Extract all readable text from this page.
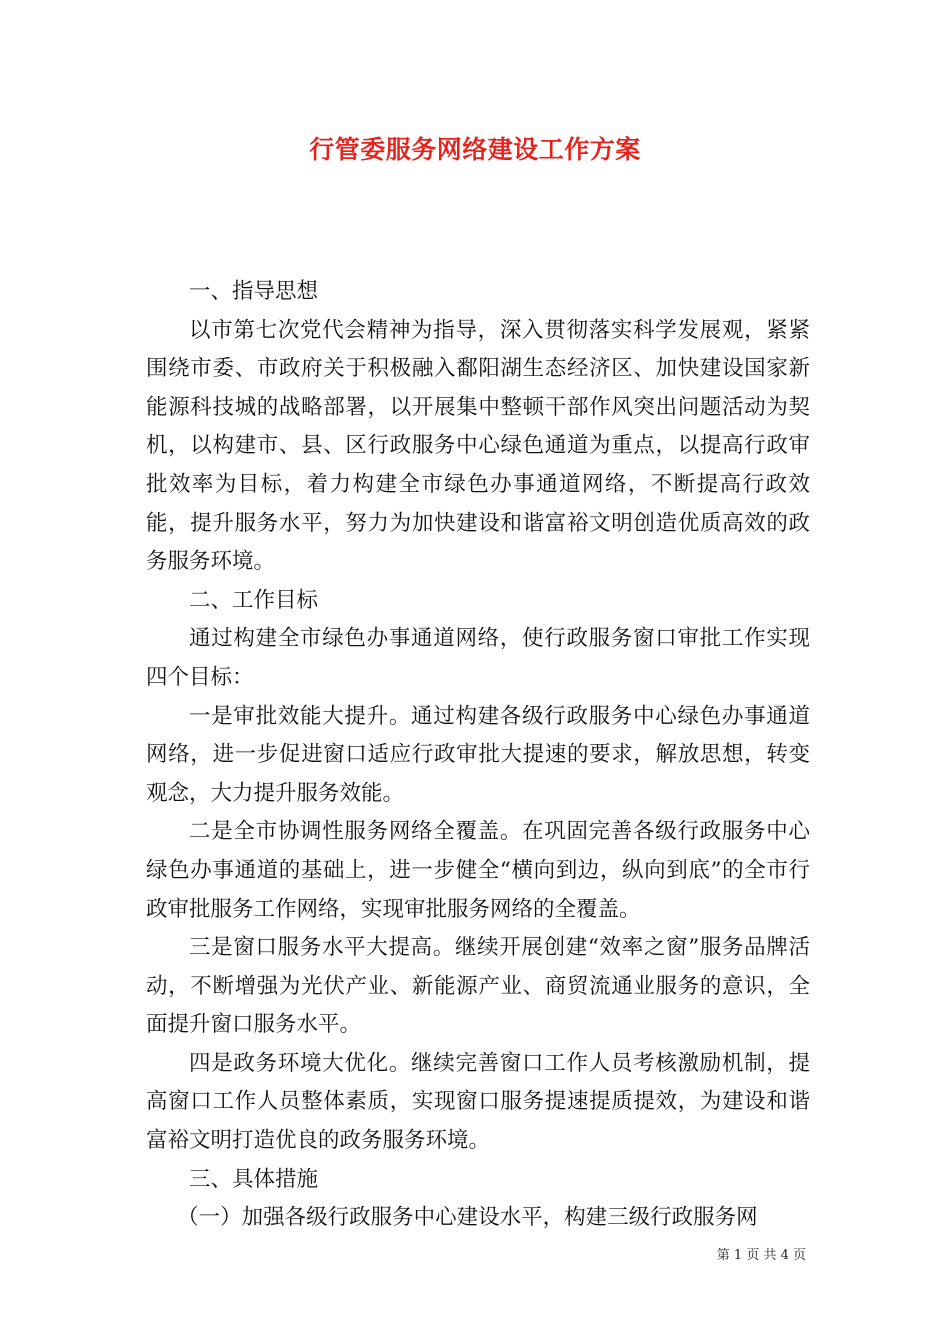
行管委服务网络建设工作方案

一、指导思想

以市第七次党代会精神为指导，深入贯彻落实科学发展观，紧紧围绕市委、市政府关于积极融入鄱阳湖生态经济区、加快建设国家新能源科技城的战略部署，以开展集中整顿干部作风突出问题活动为契机，以构建市、县、区行政服务中心绿色通道为重点，以提高行政审批效率为目标，着力构建全市绿色办事通道网络，不断提高行政效能，提升服务水平，努力为加快建设和谐富裕文明创造优质高效的政务服务环境。

二、工作目标

通过构建全市绿色办事通道网络，使行政服务窗口审批工作实现四个目标：

一是审批效能大提升。通过构建各级行政服务中心绿色办事通道网络，进一步促进窗口适应行政审批大提速的要求，解放思想，转变观念，大力提升服务效能。

二是全市协调性服务网络全覆盖。在巩固完善各级行政服务中心绿色办事通道的基础上，进一步健全“横向到边，纵向到底”的全市行政审批服务工作网络，实现审批服务网络的全覆盖。

三是窗口服务水平大提高。继续开展创建“效率之窗”服务品牌活动，不断增强为光伏产业、新能源产业、商贸流通业服务的意识，全面提升窗口服务水平。

四是政务环境大优化。继续完善窗口工作人员考核激励机制，提高窗口工作人员整体素质，实现窗口服务提速提质提效，为建设和谐富裕文明打造优良的政务服务环境。

三、具体措施

（一）加强各级行政服务中心建设水平，构建三级行政服务网

第 1 页 共 4 页
